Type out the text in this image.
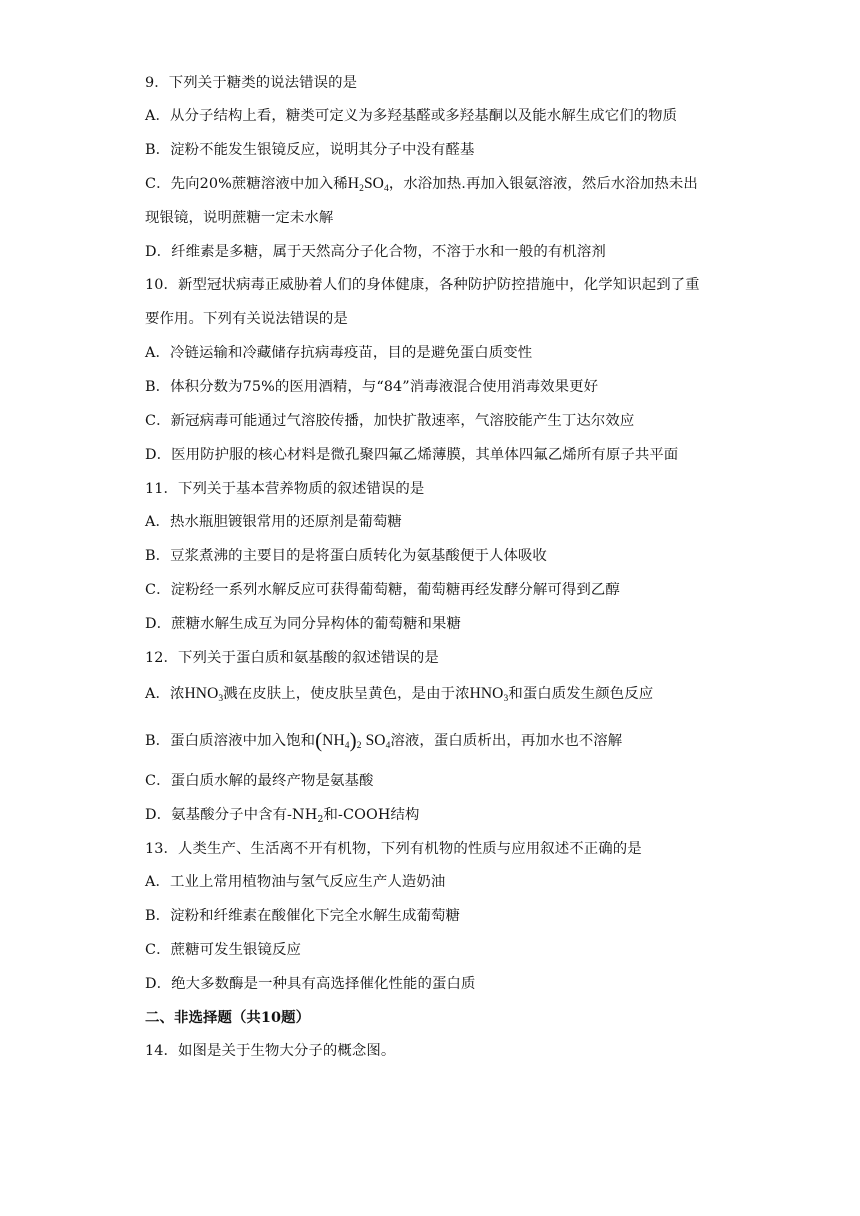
9．下列关于糖类的说法错误的是
A．从分子结构上看，糖类可定义为多羟基醛或多羟基酮以及能水解生成它们的物质
B．淀粉不能发生银镜反应，说明其分子中没有醛基
C．先向20%蔗糖溶液中加入稀$H_2SO_4$，水浴加热.再加入银氨溶液，然后水浴加热未出
现银镜，说明蔗糖一定未水解
D．纤维素是多糖，属于天然高分子化合物，不溶于水和一般的有机溶剂
10．新型冠状病毒正威胁着人们的身体健康，各种防护防控措施中，化学知识起到了重
要作用。下列有关说法错误的是
A．冷链运输和冷藏储存抗病毒疫苗，目的是避免蛋白质变性
B．体积分数为75%的医用酒精，与“84”消毒液混合使用消毒效果更好
C．新冠病毒可能通过气溶胶传播，加快扩散速率，气溶胶能产生丁达尔效应
D．医用防护服的核心材料是微孔聚四氟乙烯薄膜，其单体四氟乙烯所有原子共平面
11．下列关于基本营养物质的叙述错误的是
A．热水瓶胆镀银常用的还原剂是葡萄糖
B．豆浆煮沸的主要目的是将蛋白质转化为氨基酸便于人体吸收
C．淀粉经一系列水解反应可获得葡萄糖，葡萄糖再经发酵分解可得到乙醇
D．蔗糖水解生成互为同分异构体的葡萄糖和果糖
12．下列关于蛋白质和氨基酸的叙述错误的是
A．浓$HNO_3$溅在皮肤上，使皮肤呈黄色，是由于浓$HNO_3$和蛋白质发生颜色反应
B．蛋白质溶液中加入饱和$(NH_4)_2$ $SO_4$溶液，蛋白质析出，再加水也不溶解
C．蛋白质水解的最终产物是氨基酸
D．氨基酸分子中含有$-NH_2$和-COOH结构
13．人类生产、生活离不开有机物，下列有机物的性质与应用叙述不正确的是
A．工业上常用植物油与氢气反应生产人造奶油
B．淀粉和纤维素在酸催化下完全水解生成葡萄糖
C．蔗糖可发生银镜反应
D．绝大多数酶是一种具有高选择催化性能的蛋白质
二、非选择题（共10题）
14．如图是关于生物大分子的概念图。
